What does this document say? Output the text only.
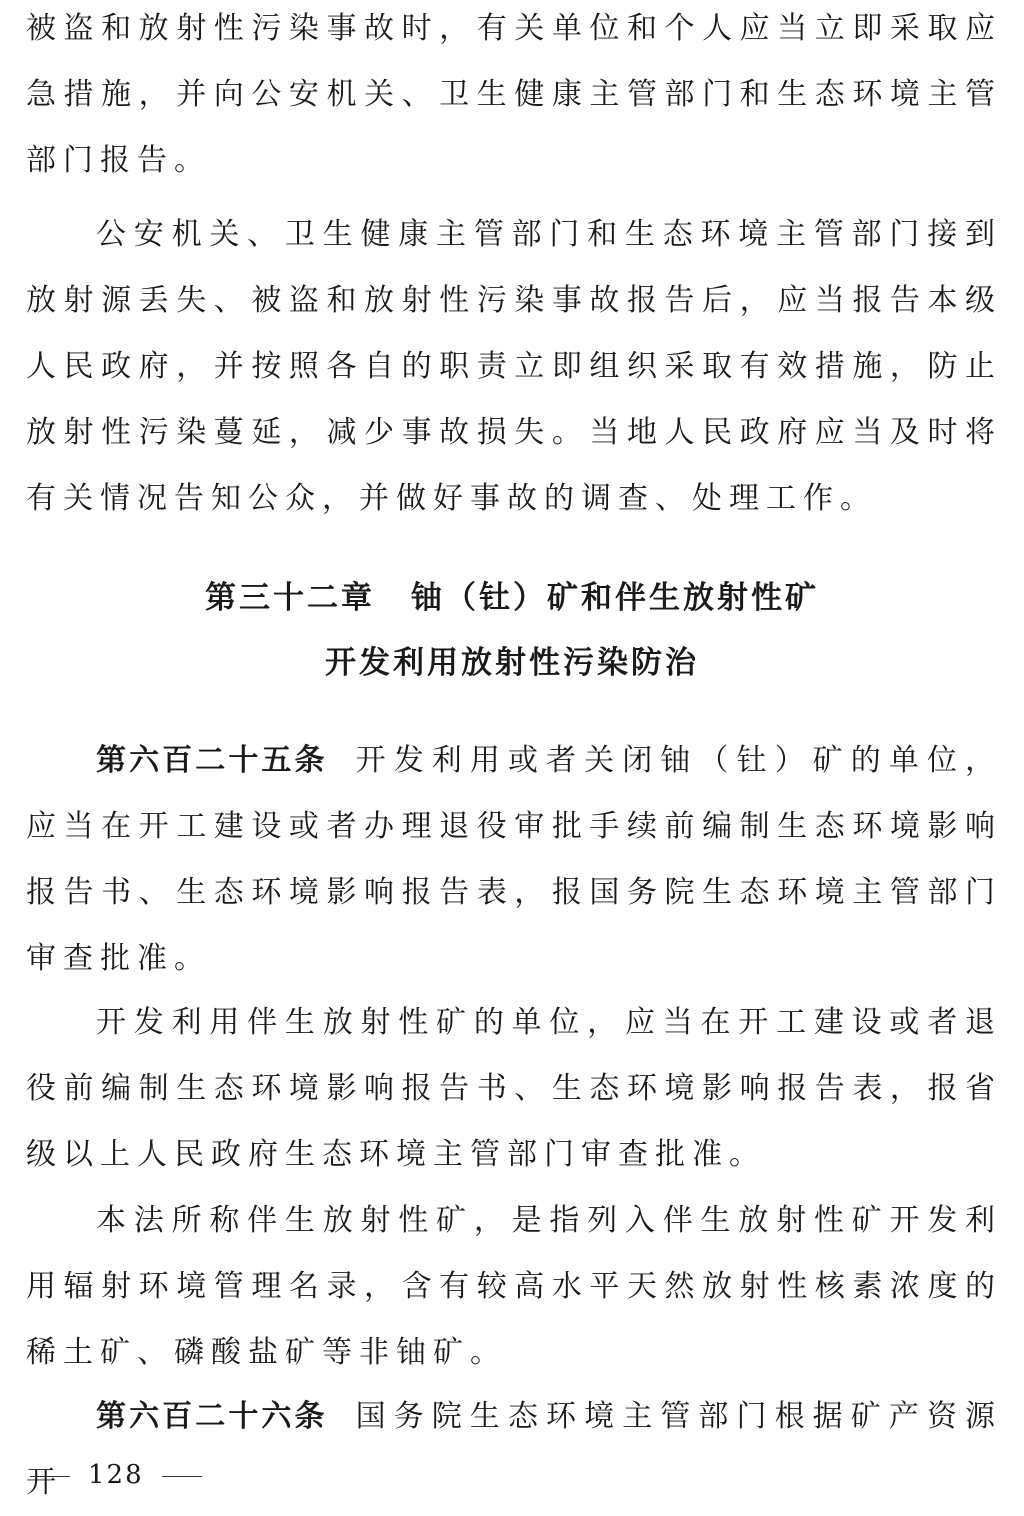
被盗和放射性污染事故时，有关单位和个人应当立即采取应急措施，并向公安机关、卫生健康主管部门和生态环境主管部门报告。

公安机关、卫生健康主管部门和生态环境主管部门接到放射源丢失、被盗和放射性污染事故报告后，应当报告本级人民政府，并按照各自的职责立即组织采取有效措施，防止放射性污染蔓延，减少事故损失。当地人民政府应当及时将有关情况告知公众，并做好事故的调查、处理工作。

第三十二章 铀（钍）矿和伴生放射性矿
开发利用放射性污染防治

第六百二十五条 开发利用或者关闭铀（钍）矿的单位，应当在开工建设或者办理退役审批手续前编制生态环境影响报告书、生态环境影响报告表，报国务院生态环境主管部门审查批准。

开发利用伴生放射性矿的单位，应当在开工建设或者退役前编制生态环境影响报告书、生态环境影响报告表，报省级以上人民政府生态环境主管部门审查批准。

本法所称伴生放射性矿，是指列入伴生放射性矿开发利用辐射环境管理名录，含有较高水平天然放射性核素浓度的稀土矿、磷酸盐矿等非铀矿。

第六百二十六条 国务院生态环境主管部门根据矿产资源开 128
